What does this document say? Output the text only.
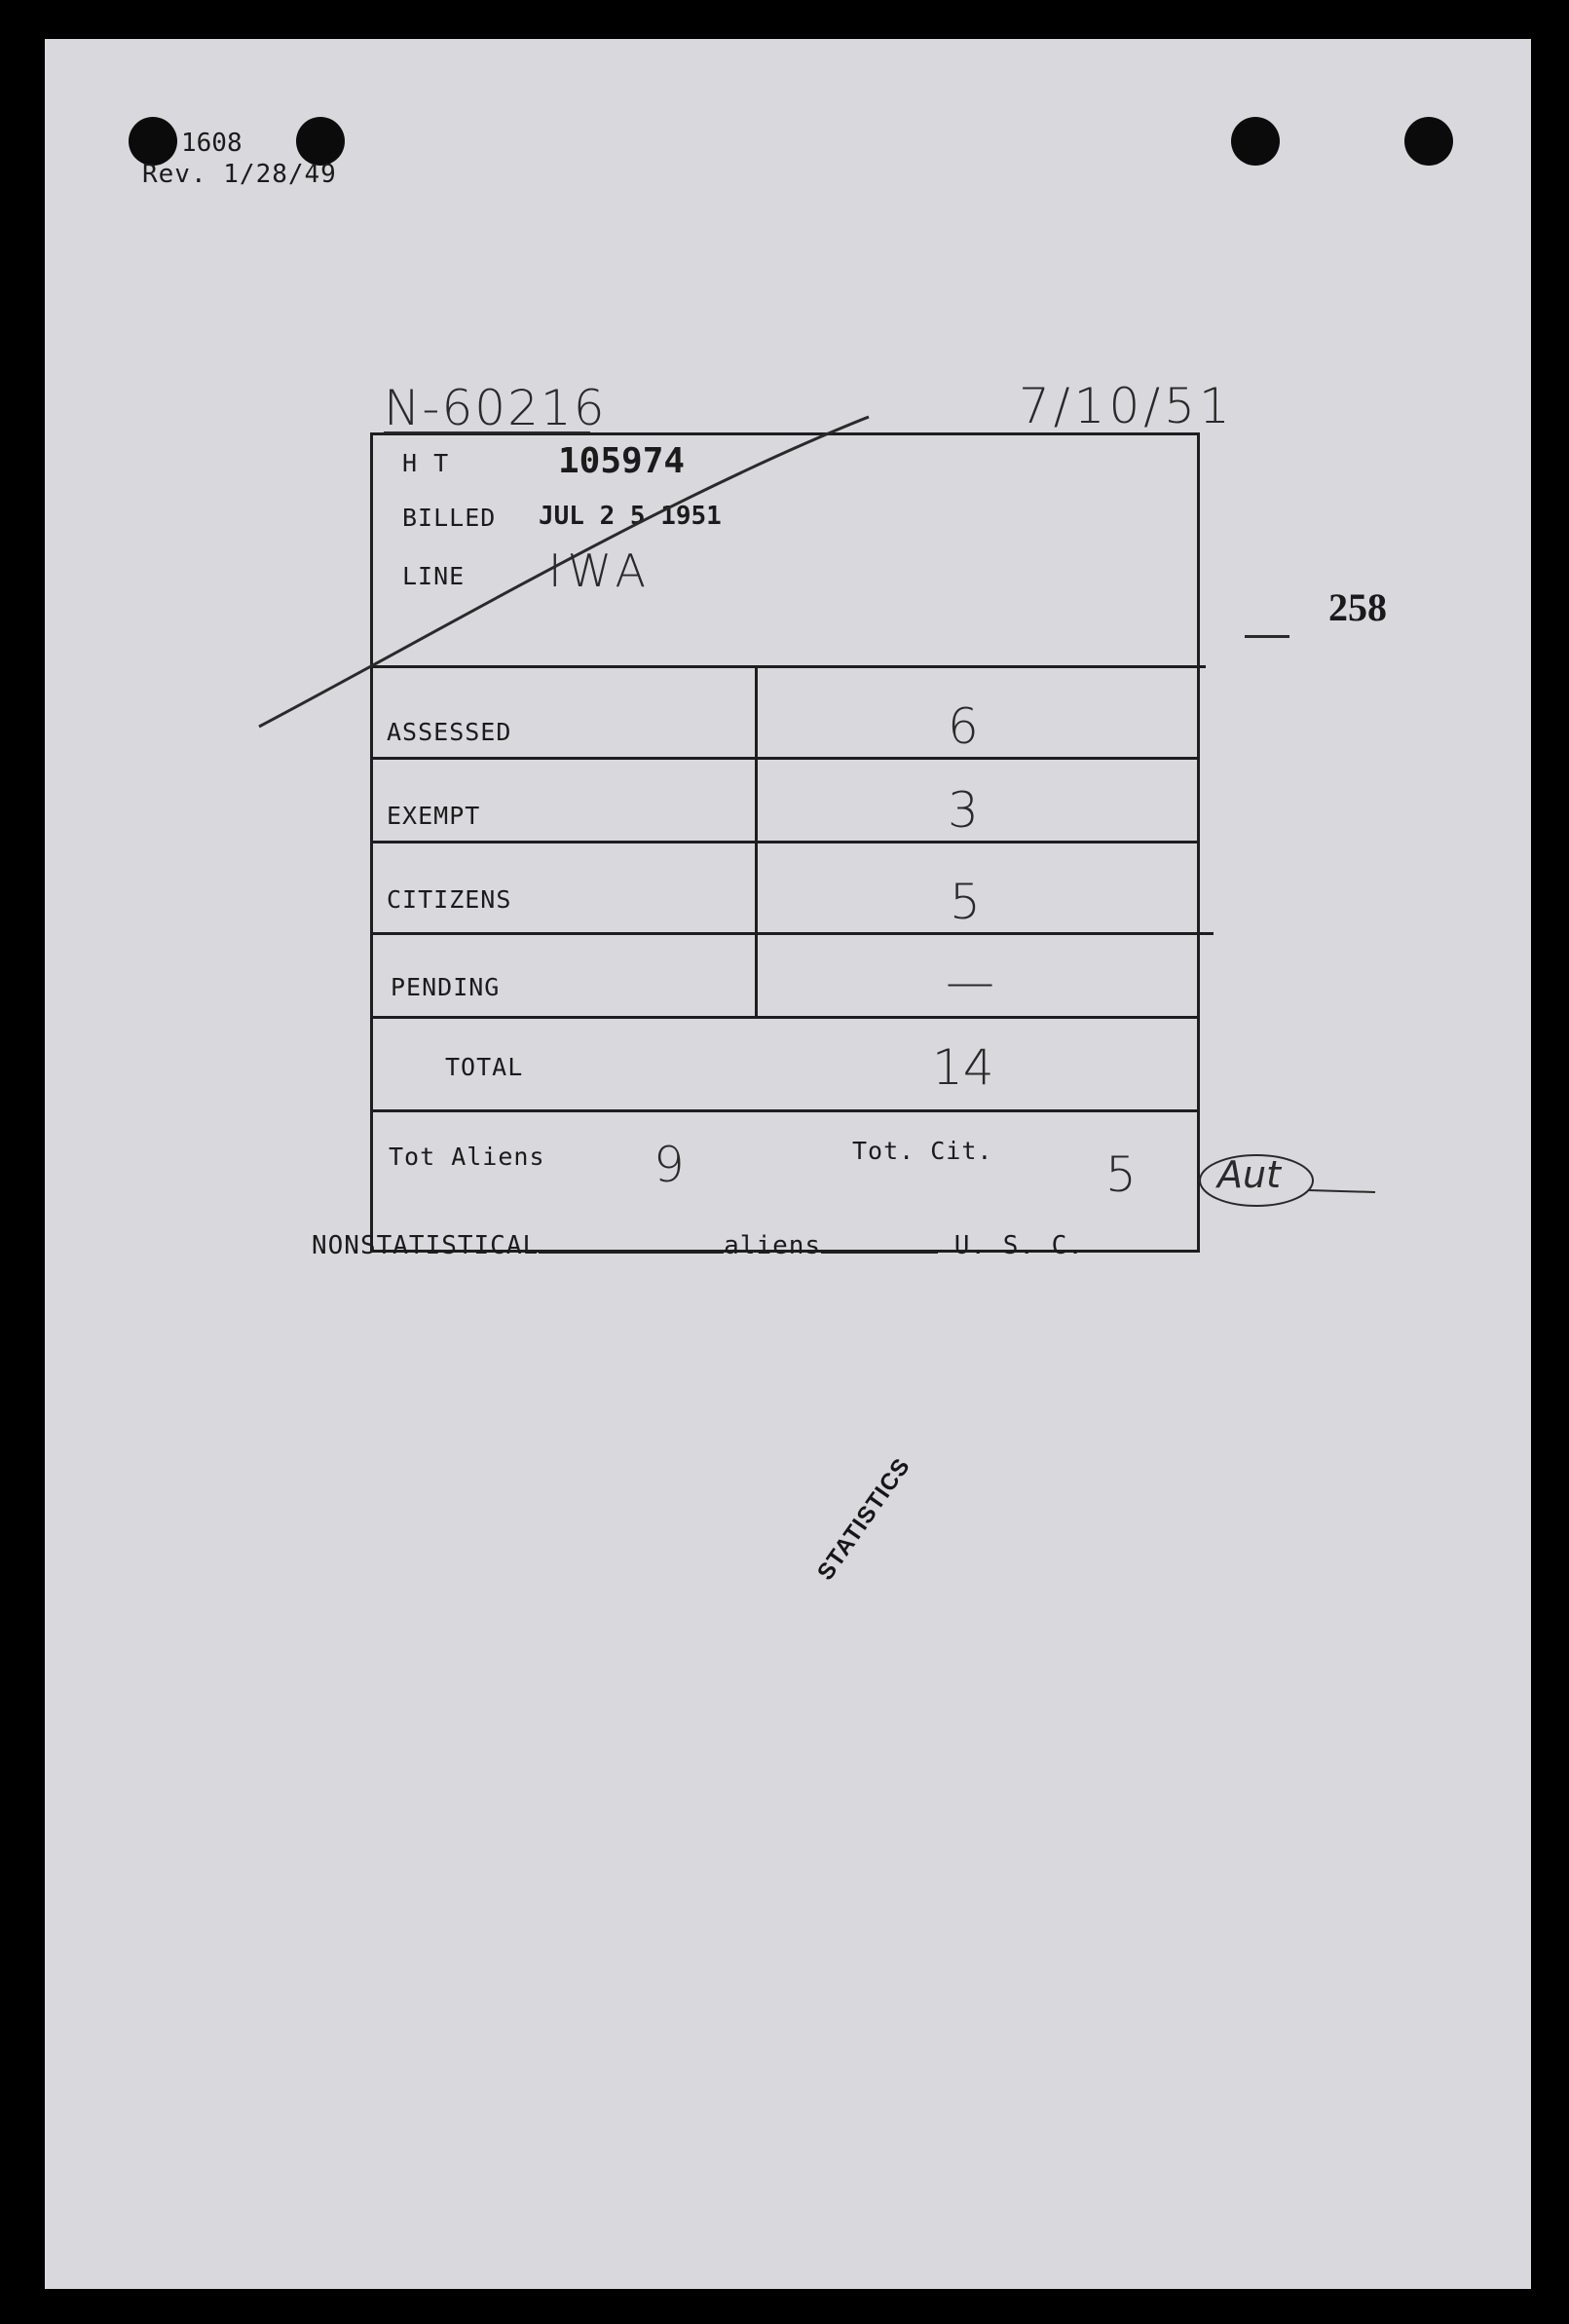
1608
Rev. 1/28/49
N-60216	7/10/51
258
H T	105974
BILLED JUL 2 5 1951
LINE IWA
ASSESSED	6
EXEMPT	3
CITIZENS	5
PENDING	—
TOTAL	14
Tot Aliens 9	Tot. Cit. 5 Aut
NONSTATISTICAL	aliens	U. S. C.
STATISTICS
